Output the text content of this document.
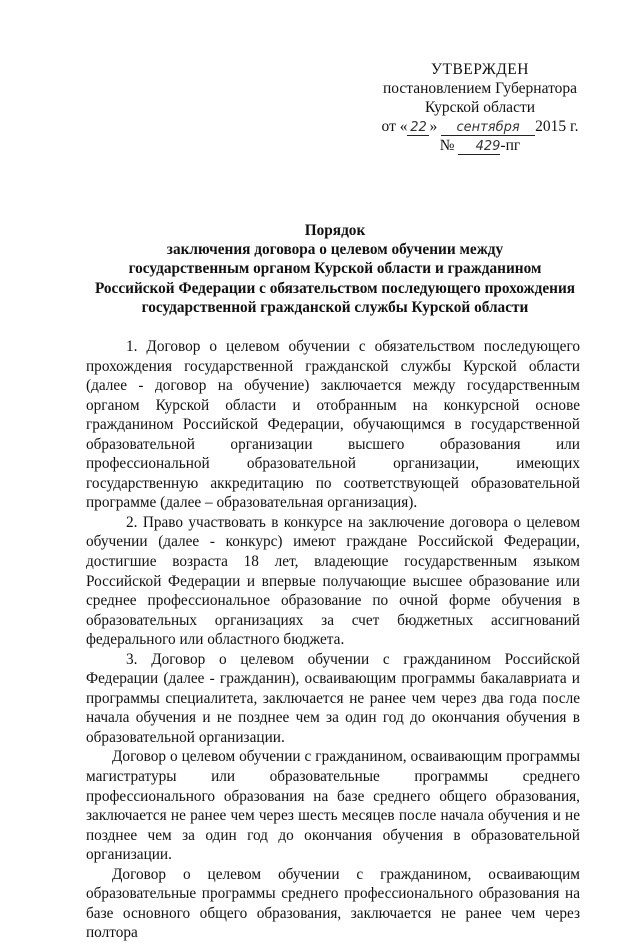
УТВЕРЖДЕН
постановлением Губернатора
Курской области
от « 22 » сентября 2015 г.
№ 429-пг
Порядок
заключения договора о целевом обучении между
государственным органом Курской области и гражданином
Российской Федерации с обязательством последующего прохождения
государственной гражданской службы Курской области

1. Договор о целевом обучении с обязательством последующего прохождения государственной гражданской службы Курской области (далее - договор на обучение) заключается между государственным органом Курской области и отобранным на конкурсной основе гражданином Российской Федерации, обучающимся в государственной образовательной организации высшего образования или профессиональной образовательной организации, имеющих государственную аккредитацию по соответствующей образовательной программе (далее – образовательная организация).

2. Право участвовать в конкурсе на заключение договора о целевом обучении (далее - конкурс) имеют граждане Российской Федерации, достигшие возраста 18 лет, владеющие государственным языком Российской Федерации и впервые получающие высшее образование или среднее профессиональное образование по очной форме обучения в образовательных организациях за счет бюджетных ассигнований федерального или областного бюджета.

3. Договор о целевом обучении с гражданином Российской Федерации (далее - гражданин), осваивающим программы бакалавриата и программы специалитета, заключается не ранее чем через два года после начала обучения и не позднее чем за один год до окончания обучения в образовательной организации.

Договор о целевом обучении с гражданином, осваивающим программы магистратуры или образовательные программы среднего профессионального образования на базе среднего общего образования, заключается не ранее чем через шесть месяцев после начала обучения и не позднее чем за один год до окончания обучения в образовательной организации.

Договор о целевом обучении с гражданином, осваивающим образовательные программы среднего профессионального образования на базе основного общего образования, заключается не ранее чем через полтора
